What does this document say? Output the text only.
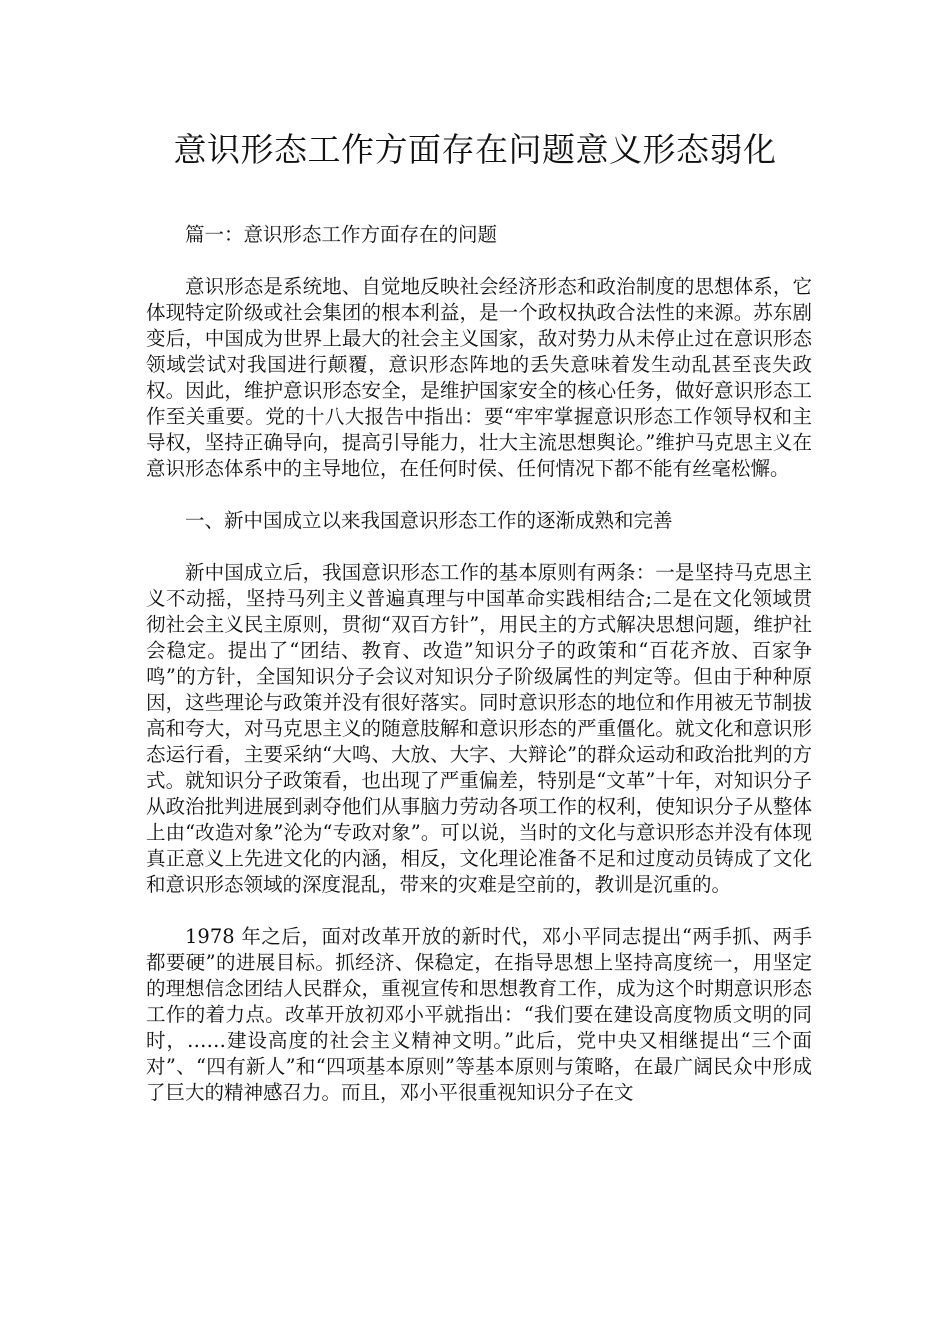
意识形态工作方面存在问题意义形态弱化

篇一：意识形态工作方面存在的问题

意识形态是系统地、自觉地反映社会经济形态和政治制度的思想体系，它体现特定阶级或社会集团的根本利益，是一个政权执政合法性的来源。苏东剧变后，中国成为世界上最大的社会主义国家，敌对势力从未停止过在意识形态领域尝试对我国进行颠覆，意识形态阵地的丢失意味着发生动乱甚至丧失政权。因此，维护意识形态安全，是维护国家安全的核心任务，做好意识形态工作至关重要。党的十八大报告中指出：要“牢牢掌握意识形态工作领导权和主导权，坚持正确导向，提高引导能力，壮大主流思想舆论。”维护马克思主义在意识形态体系中的主导地位，在任何时侯、任何情况下都不能有丝毫松懈。

一、新中国成立以来我国意识形态工作的逐渐成熟和完善

新中国成立后，我国意识形态工作的基本原则有两条：一是坚持马克思主义不动摇，坚持马列主义普遍真理与中国革命实践相结合;二是在文化领域贯彻社会主义民主原则，贯彻“双百方针”，用民主的方式解决思想问题，维护社会稳定。提出了“团结、教育、改造”知识分子的政策和“百花齐放、百家争鸣”的方针，全国知识分子会议对知识分子阶级属性的判定等。但由于种种原因，这些理论与政策并没有很好落实。同时意识形态的地位和作用被无节制拔高和夸大，对马克思主义的随意肢解和意识形态的严重僵化。就文化和意识形态运行看，主要采纳“大鸣、大放、大字、大辩论”的群众运动和政治批判的方式。就知识分子政策看，也出现了严重偏差，特别是“文革”十年，对知识分子从政治批判进展到剥夺他们从事脑力劳动各项工作的权利，使知识分子从整体上由“改造对象”沦为“专政对象”。可以说，当时的文化与意识形态并没有体现真正意义上先进文化的内涵，相反，文化理论准备不足和过度动员铸成了文化和意识形态领域的深度混乱，带来的灾难是空前的，教训是沉重的。

1978 年之后，面对改革开放的新时代，邓小平同志提出“两手抓、两手都要硬”的进展目标。抓经济、保稳定，在指导思想上坚持高度统一，用坚定的理想信念团结人民群众，重视宣传和思想教育工作，成为这个时期意识形态工作的着力点。改革开放初邓小平就指出：“我们要在建设高度物质文明的同时，……建设高度的社会主义精神文明。”此后，党中央又相继提出“三个面对”、“四有新人”和“四项基本原则”等基本原则与策略，在最广阔民众中形成了巨大的精神感召力。而且，邓小平很重视知识分子在文
